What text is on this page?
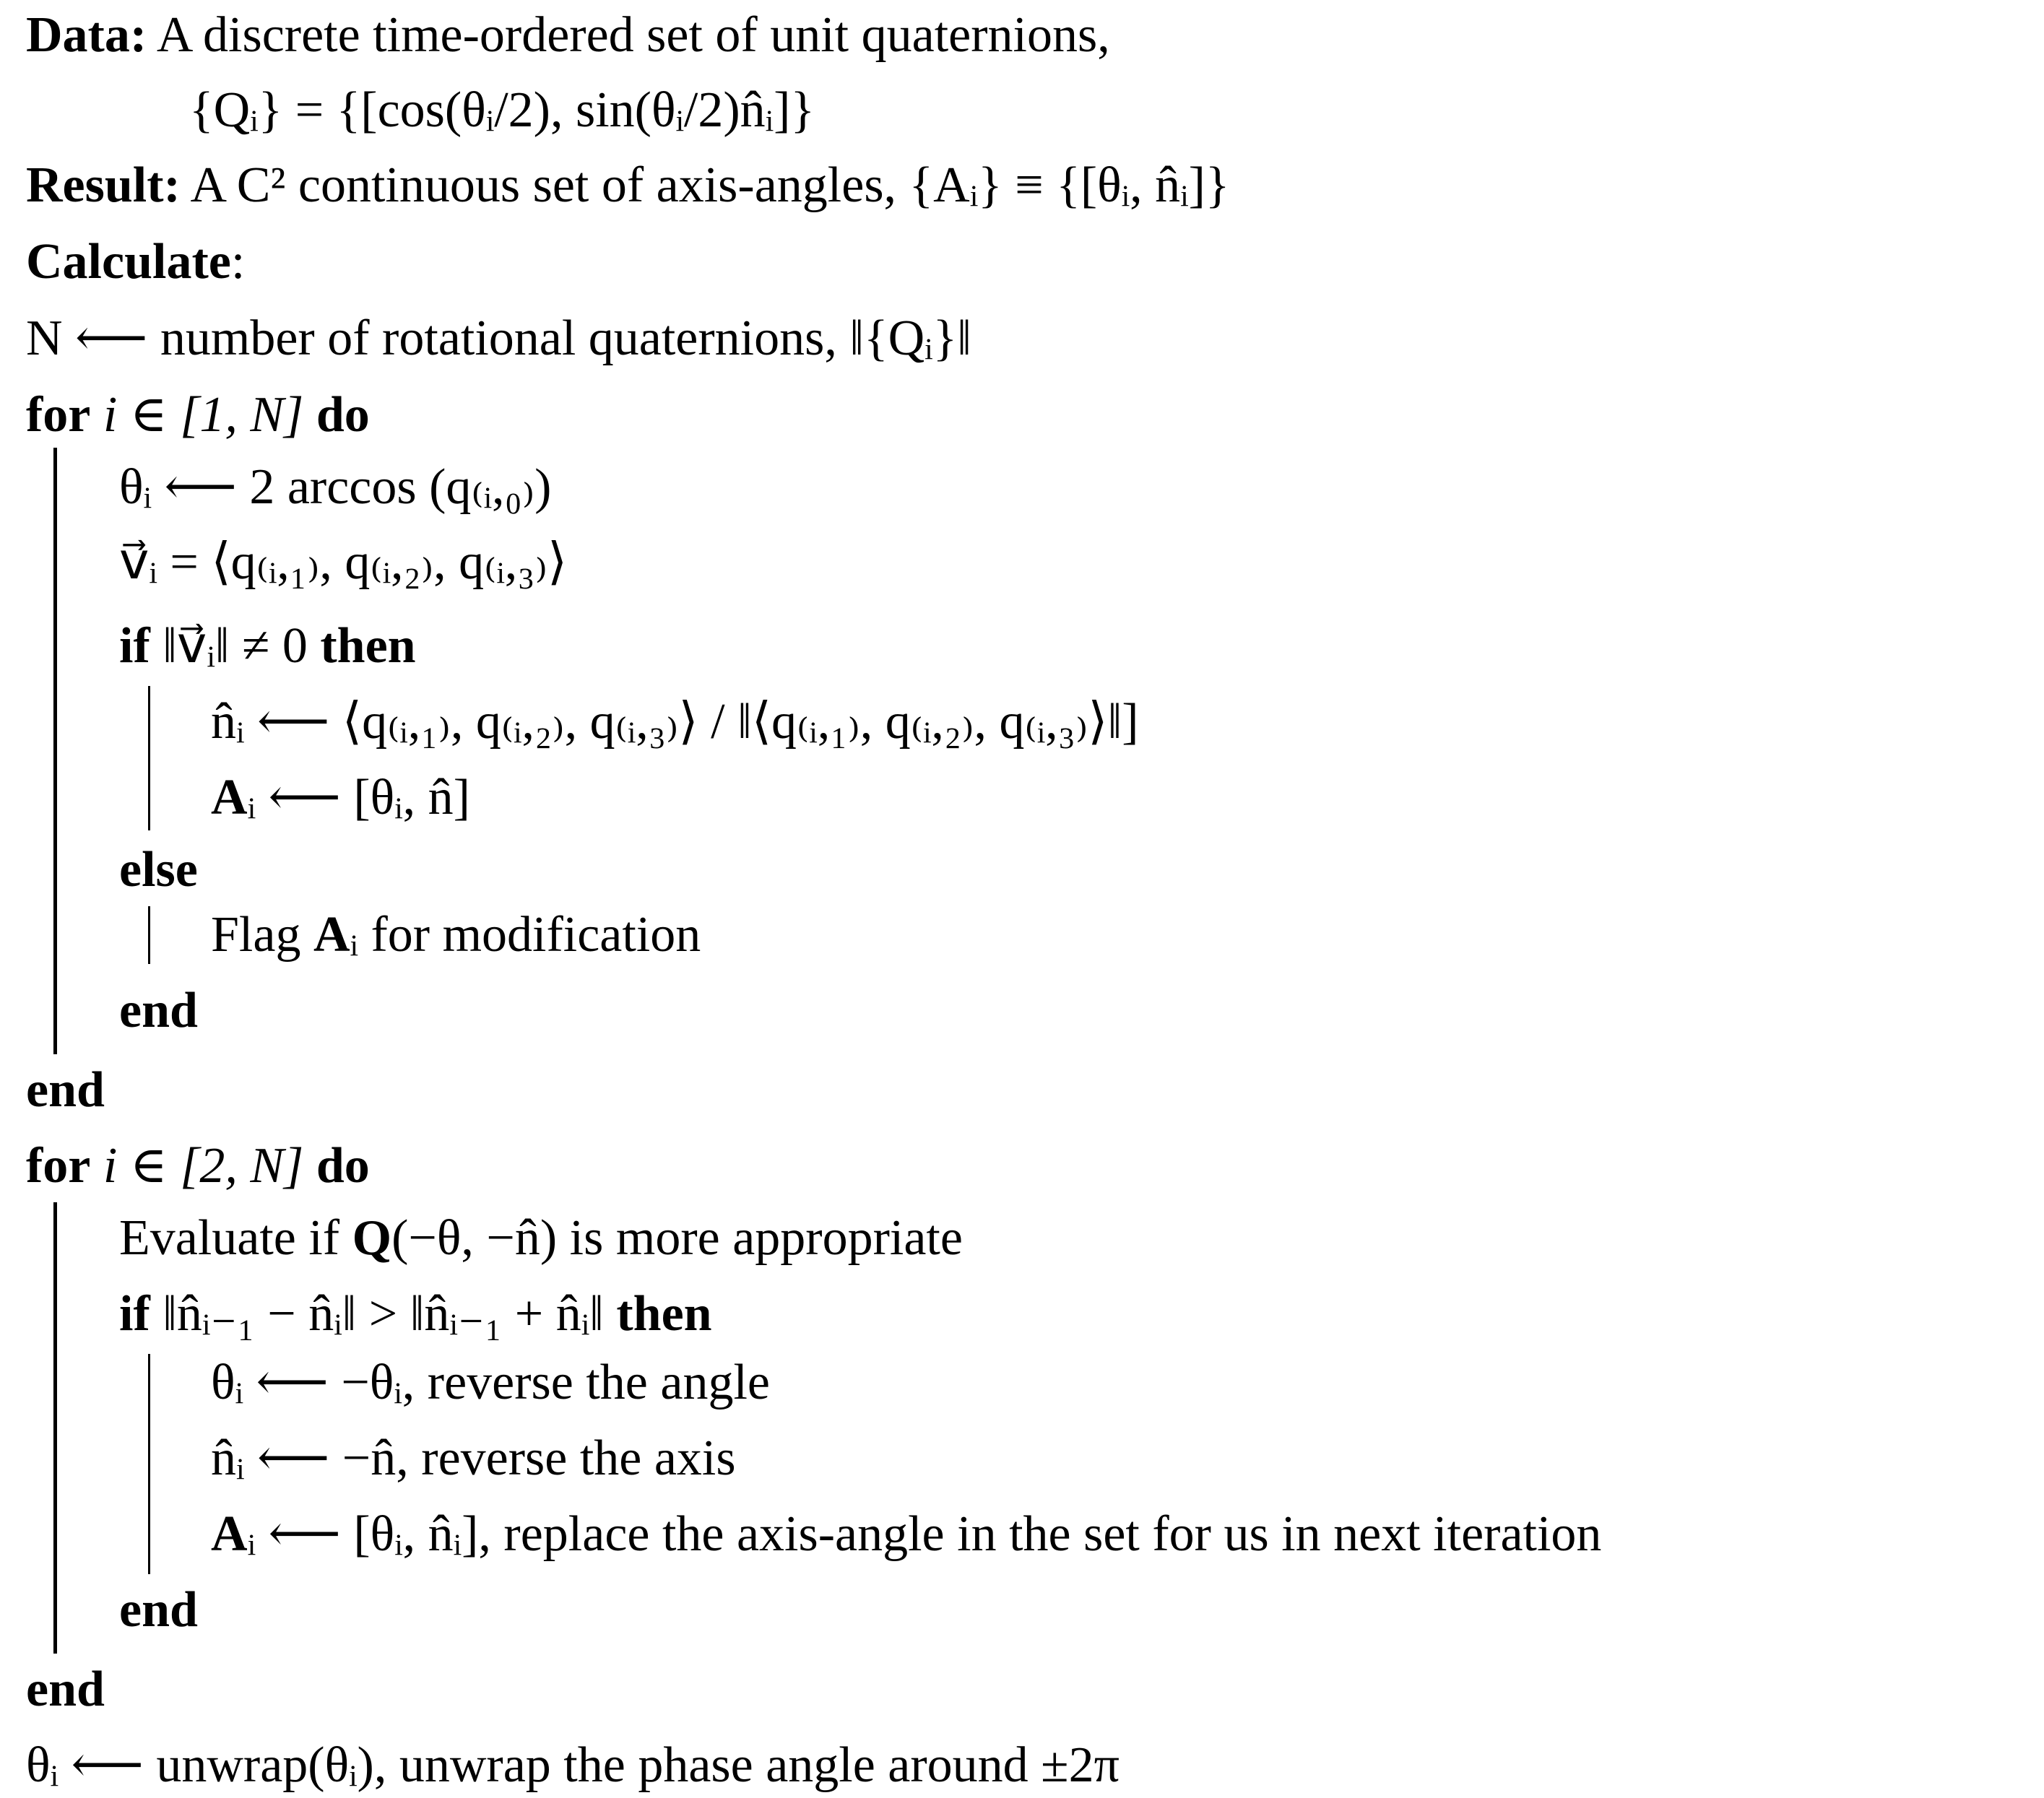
Data: A discrete time-ordered set of unit quaternions,
{Qᵢ} = {[cos(θᵢ/2), sin(θᵢ/2)n̂ᵢ]}
Result: A C² continuous set of axis-angles, {Aᵢ} ≡ {[θᵢ, n̂ᵢ]}
Calculate:
N ⟵ number of rotational quaternions, ‖{Qᵢ}‖
for i ∈ [1, N] do
θᵢ ⟵ 2 arccos (q₍ᵢ,₀₎)
v⃗ᵢ = ⟨q₍ᵢ,₁₎, q₍ᵢ,₂₎, q₍ᵢ,₃₎⟩
if ‖v⃗ᵢ‖ ≠ 0 then
n̂ᵢ ⟵ ⟨q₍ᵢ,₁₎, q₍ᵢ,₂₎, q₍ᵢ,₃₎⟩ / ‖⟨q₍ᵢ,₁₎, q₍ᵢ,₂₎, q₍ᵢ,₃₎⟩‖]
Aᵢ ⟵ [θᵢ, n̂]
else
Flag Aᵢ for modification
end
end
for i ∈ [2, N] do
Evaluate if Q(−θ, −n̂) is more appropriate
if ‖n̂ᵢ₋₁ − n̂ᵢ‖ > ‖n̂ᵢ₋₁ + n̂ᵢ‖ then
θᵢ ⟵ −θᵢ, reverse the angle
n̂ᵢ ⟵ −n̂, reverse the axis
Aᵢ ⟵ [θᵢ, n̂ᵢ], replace the axis-angle in the set for us in next iteration
end
end
θᵢ ⟵ unwrap(θᵢ), unwrap the phase angle around ±2π
